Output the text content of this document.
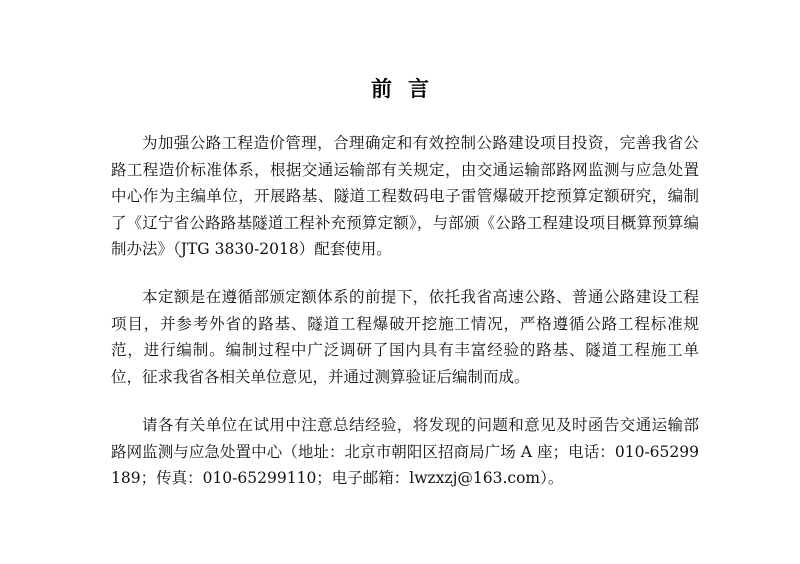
前言

为加强公路工程造价管理，合理确定和有效控制公路建设项目投资，完善我省公路工程造价标准体系，根据交通运输部有关规定，由交通运输部路网监测与应急处置中心作为主编单位，开展路基、隧道工程数码电子雷管爆破开挖预算定额研究，编制了《辽宁省公路路基隧道工程补充预算定额》，与部颁《公路工程建设项目概算预算编制办法》（JTG 3830-2018）配套使用。

本定额是在遵循部颁定额体系的前提下，依托我省高速公路、普通公路建设工程项目，并参考外省的路基、隧道工程爆破开挖施工情况，严格遵循公路工程标准规范，进行编制。编制过程中广泛调研了国内具有丰富经验的路基、隧道工程施工单位，征求我省各相关单位意见，并通过测算验证后编制而成。

请各有关单位在试用中注意总结经验，将发现的问题和意见及时函告交通运输部路网监测与应急处置中心（地址：北京市朝阳区招商局广场 A 座；电话：010-65299189；传真：010-65299110；电子邮箱：lwzxzj@163.com）。
